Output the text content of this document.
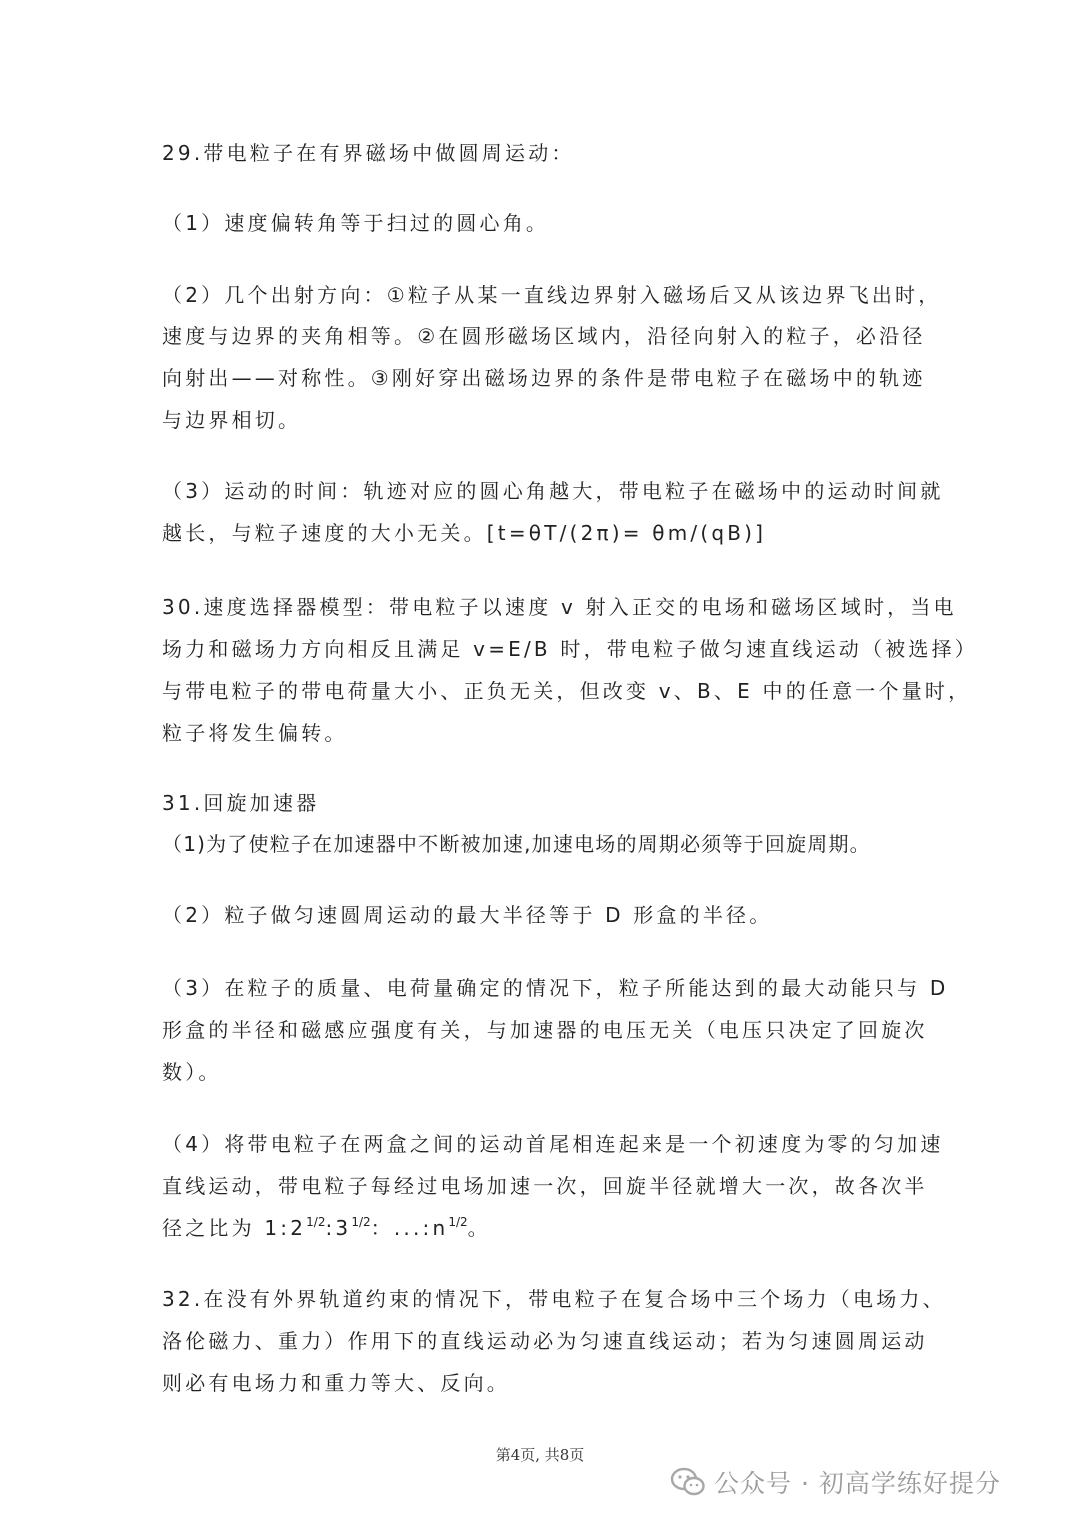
29.带电粒子在有界磁场中做圆周运动：
（1）速度偏转角等于扫过的圆心角。
（2）几个出射方向：①粒子从某一直线边界射入磁场后又从该边界飞出时，
速度与边界的夹角相等。②在圆形磁场区域内，沿径向射入的粒子，必沿径
向射出——对称性。③刚好穿出磁场边界的条件是带电粒子在磁场中的轨迹
与边界相切。
（3）运动的时间：轨迹对应的圆心角越大，带电粒子在磁场中的运动时间就
越长，与粒子速度的大小无关。[t=θT/(2π)= θm/(qB)]
30.速度选择器模型：带电粒子以速度 v 射入正交的电场和磁场区域时，当电
场力和磁场力方向相反且满足 v=E/B 时，带电粒子做匀速直线运动（被选择）
与带电粒子的带电荷量大小、正负无关，但改变 v、B、E 中的任意一个量时，
粒子将发生偏转。
31.回旋加速器
（1)为了使粒子在加速器中不断被加速,加速电场的周期必须等于回旋周期。
（2）粒子做匀速圆周运动的最大半径等于 D 形盒的半径。
（3）在粒子的质量、电荷量确定的情况下，粒子所能达到的最大动能只与 D
形盒的半径和磁感应强度有关，与加速器的电压无关（电压只决定了回旋次
数）。
（4）将带电粒子在两盒之间的运动首尾相连起来是一个初速度为零的匀加速
直线运动，带电粒子每经过电场加速一次，回旋半径就增大一次，故各次半
径之比为 $1:2^{1/2}:3^{1/2}$：$...:n^{1/2}$。
32.在没有外界轨道约束的情况下，带电粒子在复合场中三个场力（电场力、
洛伦磁力、重力）作用下的直线运动必为匀速直线运动；若为匀速圆周运动
则必有电场力和重力等大、反向。
第4页, 共8页
公众号 · 初高学练好提分
